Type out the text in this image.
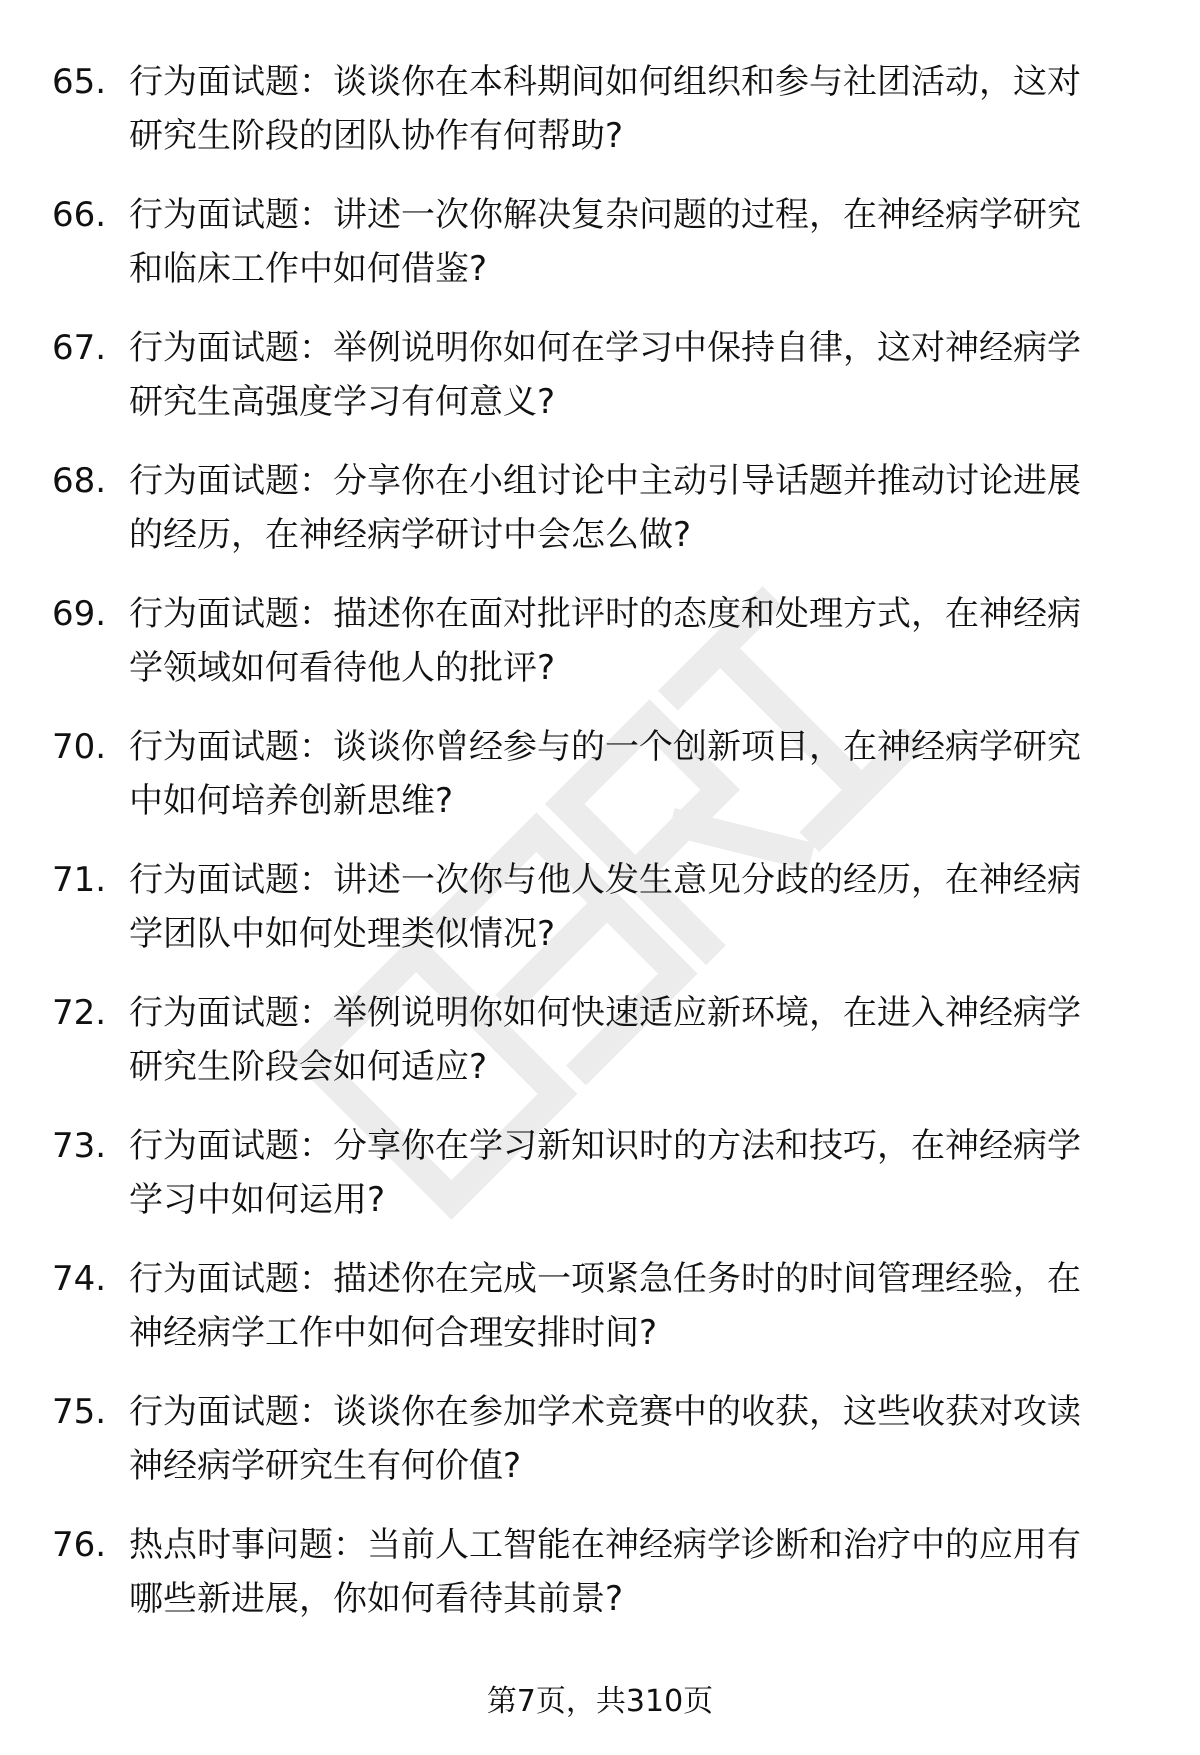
65. 行为面试题：谈谈你在本科期间如何组织和参与社团活动，这对
研究生阶段的团队协作有何帮助?
66. 行为面试题：讲述一次你解决复杂问题的过程，在神经病学研究
和临床工作中如何借鉴?
67. 行为面试题：举例说明你如何在学习中保持自律，这对神经病学
研究生高强度学习有何意义?
68. 行为面试题：分享你在小组讨论中主动引导话题并推动讨论进展
的经历，在神经病学研讨中会怎么做?
69. 行为面试题：描述你在面对批评时的态度和处理方式，在神经病
学领域如何看待他人的批评?
70. 行为面试题：谈谈你曾经参与的一个创新项目，在神经病学研究
中如何培养创新思维?
71. 行为面试题：讲述一次你与他人发生意见分歧的经历，在神经病
学团队中如何处理类似情况?
72. 行为面试题：举例说明你如何快速适应新环境，在进入神经病学
研究生阶段会如何适应?
73. 行为面试题：分享你在学习新知识时的方法和技巧，在神经病学
学习中如何运用?
74. 行为面试题：描述你在完成一项紧急任务时的时间管理经验，在
神经病学工作中如何合理安排时间?
75. 行为面试题：谈谈你在参加学术竞赛中的收获，这些收获对攻读
神经病学研究生有何价值?
76. 热点时事问题：当前人工智能在神经病学诊断和治疗中的应用有
哪些新进展，你如何看待其前景?
第7页，共310页
